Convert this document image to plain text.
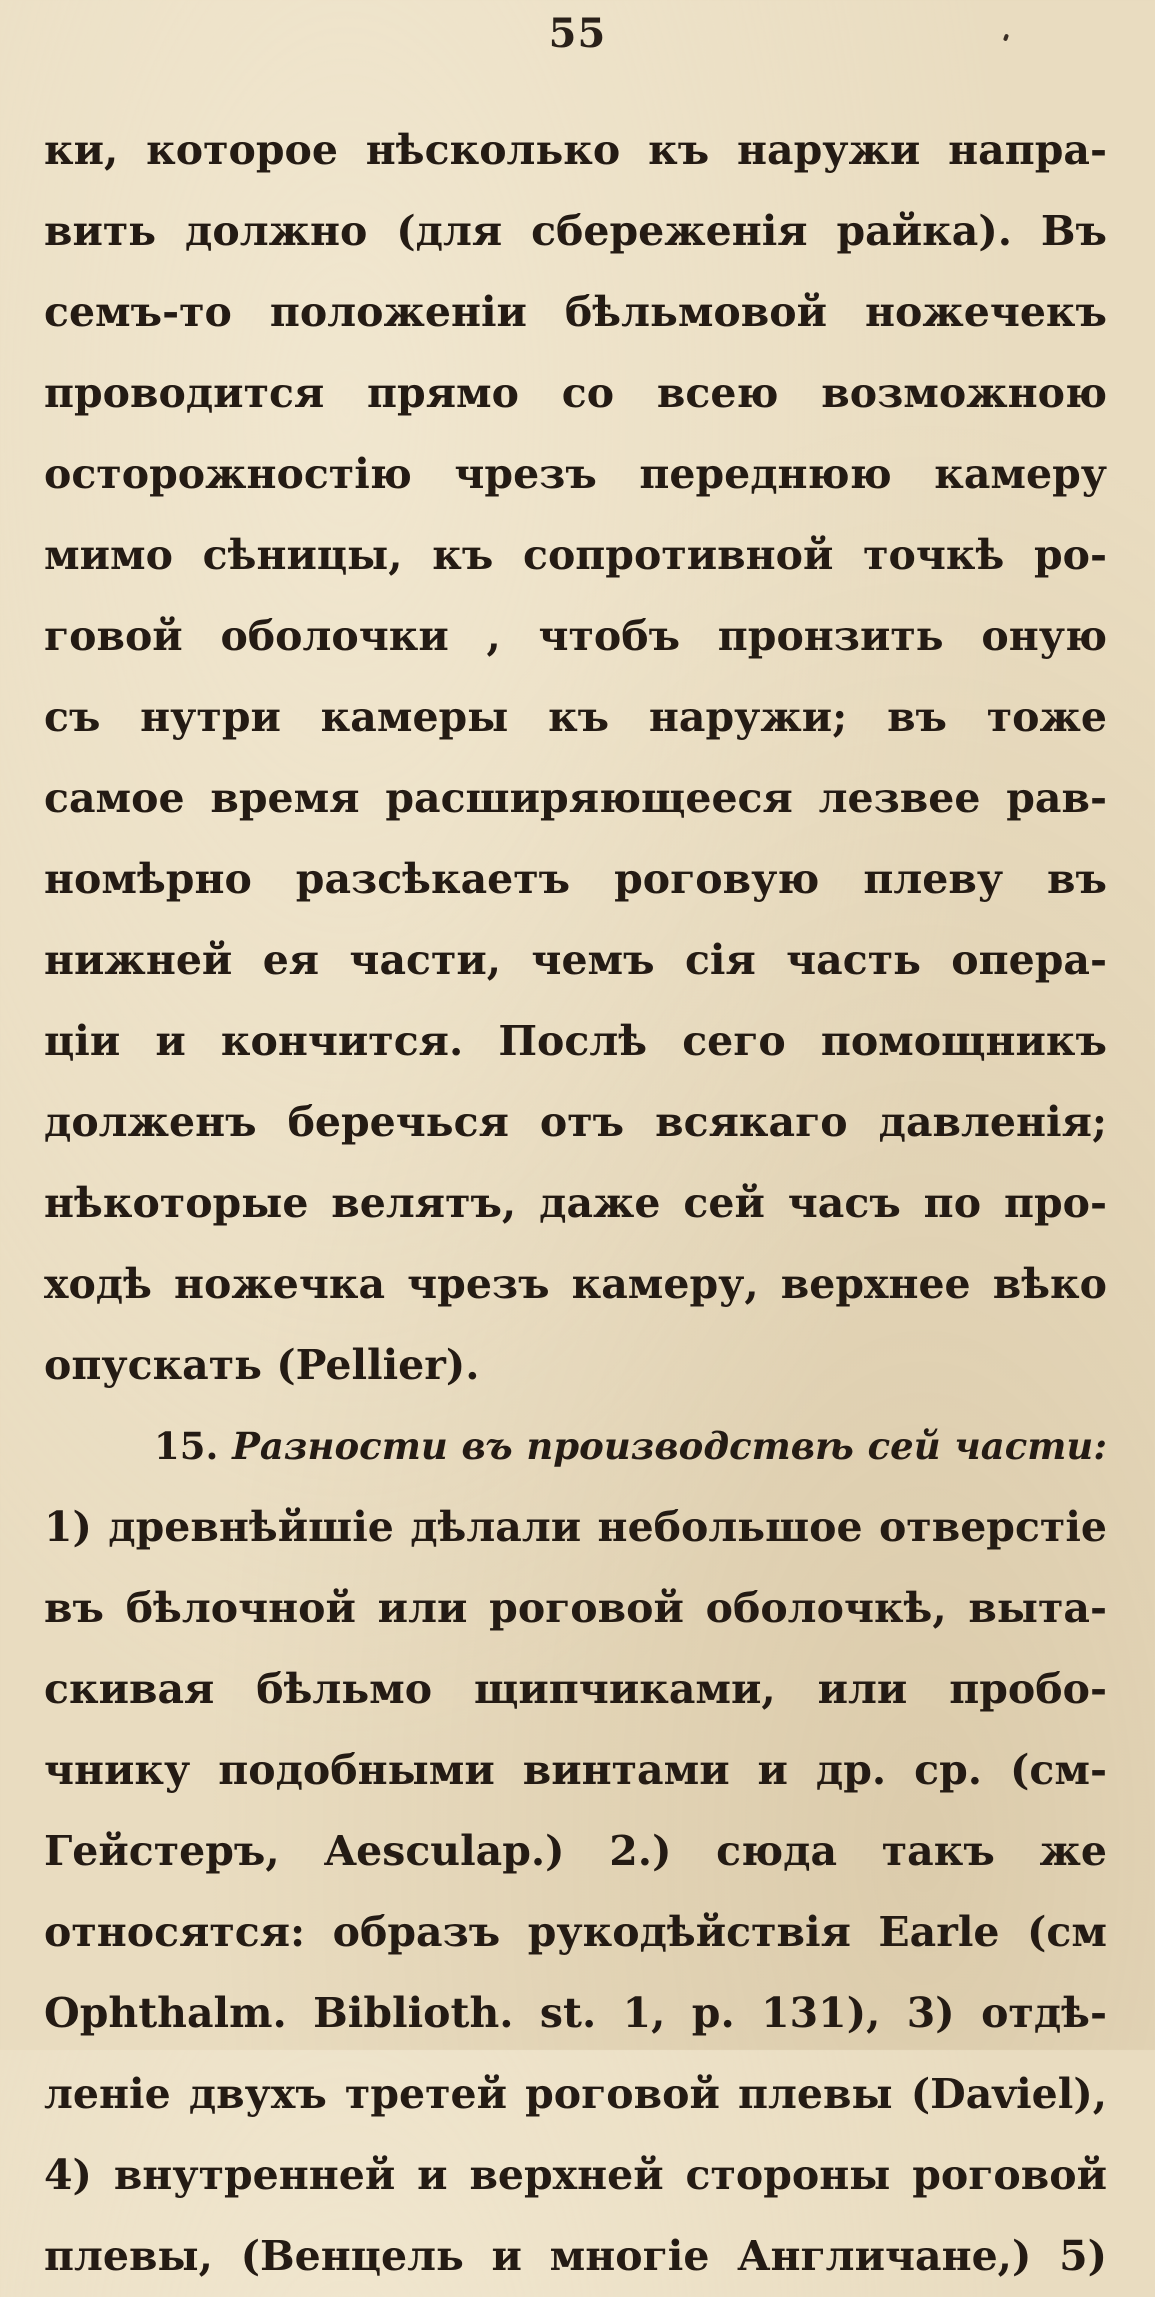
55
ки, которое нѣсколько къ наружи напра-
вить должно (для сбереженія райка). Въ
семъ-то положеніи бѣльмовой ножечекъ
проводится прямо со всею возможною
осторожностію чрезъ переднюю камеру
мимо сѣницы, къ сопротивной точкѣ ро-
говой оболочки , чтобъ пронзить оную
съ нутри камеры къ наружи; въ тоже
самое время расширяющееся лезвее рав-
номѣрно разсѣкаетъ роговую плеву въ
нижней ея части, чемъ сія часть опера-
ціи и кончится. Послѣ сего помощникъ
долженъ беречься отъ всякаго давленія;
нѣкоторые велятъ, даже сей часъ по про-
ходѣ ножечка чрезъ камеру, верхнее вѣко
опускать (Pellier).
15. Разности въ производствѣ сей части:
1) древнѣйшіе дѣлали небольшое отверстіе
въ бѣлочной или роговой оболочкѣ, выта-
скивая бѣльмо щипчиками, или пробо-
чнику подобными винтами и др. ср. (см-
Гейстеръ, Aesculap.) 2.) сюда такъ же
относятся: образъ рукодѣйствія Earle (см
Ophthalm. Biblioth. st. 1, p. 131), 3) отдѣ-
леніе двухъ третей роговой плевы (Daviel),
4) внутренней и верхней стороны роговой
плевы, (Венцель и многіе Англичане,) 5)
